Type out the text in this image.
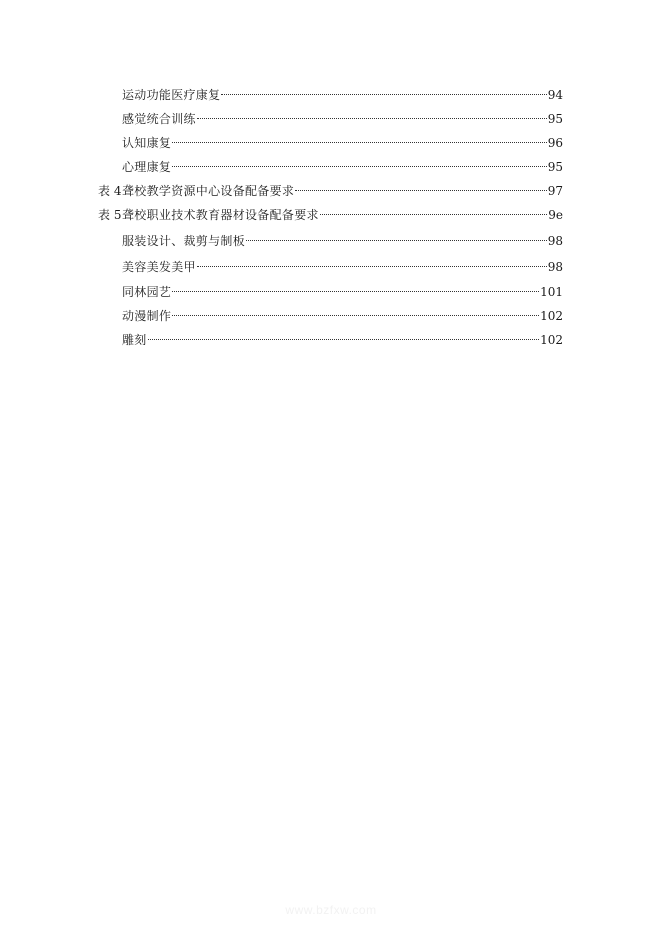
运动功能医疗康复	94
感觉统合训练	95
认知康复	96
心理康复	95
表 4 聋校教学资源中心设备配备要求	97
表 5 聋校职业技术教育器材设备配备要求	9e
服装设计、裁剪与制板	98
美容美发美甲	98
同林园艺	101
动漫制作	102
雕刻	102
www.bzfxw.com
